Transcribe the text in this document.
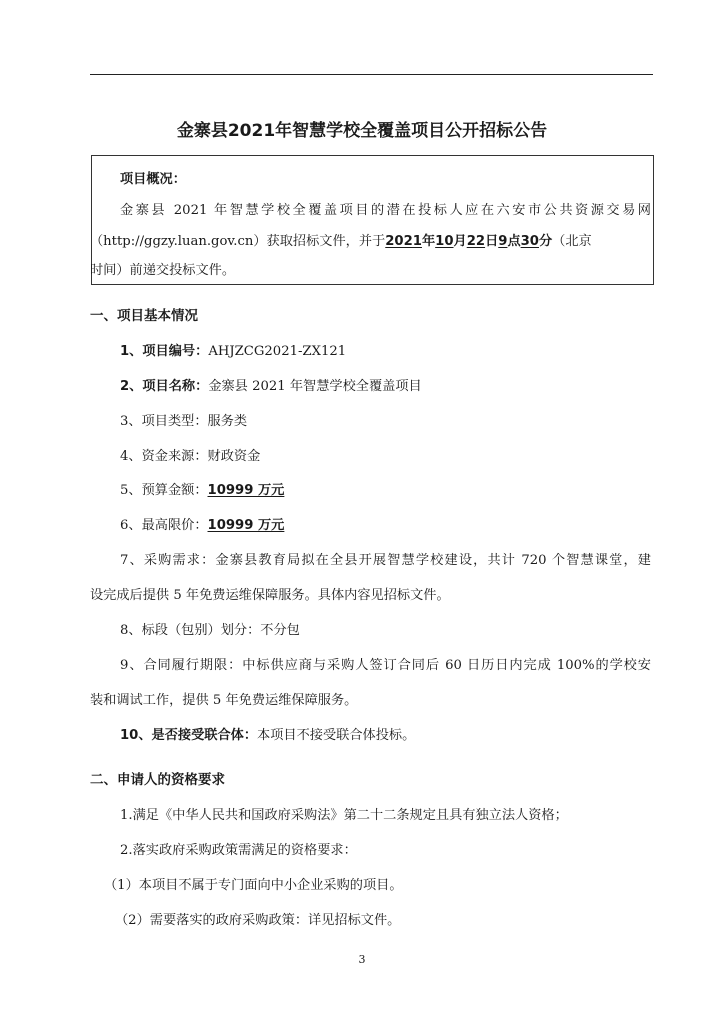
金寨县2021年智慧学校全覆盖项目公开招标公告
项目概况：
金寨县 2021 年智慧学校全覆盖项目的潜在投标人应在六安市公共资源交易网
（http://ggzy.luan.gov.cn）获取招标文件，并于2021年10月22日9点30分（北京
时间）前递交投标文件。
一、项目基本情况
1、项目编号：AHJZCG2021-ZX121
2、项目名称：金寨县 2021 年智慧学校全覆盖项目
3、项目类型：服务类
4、资金来源：财政资金
5、预算金额：10999 万元
6、最高限价：10999 万元
7、采购需求：金寨县教育局拟在全县开展智慧学校建设，共计 720 个智慧课堂，建
设完成后提供 5 年免费运维保障服务。具体内容见招标文件。
8、标段（包别）划分：不分包
9、合同履行期限：中标供应商与采购人签订合同后 60 日历日内完成 100%的学校安
装和调试工作，提供 5 年免费运维保障服务。
10、是否接受联合体：本项目不接受联合体投标。
二、申请人的资格要求
1.满足《中华人民共和国政府采购法》第二十二条规定且具有独立法人资格；
2.落实政府采购政策需满足的资格要求：
（1）本项目不属于专门面向中小企业采购的项目。
（2）需要落实的政府采购政策：详见招标文件。
3
